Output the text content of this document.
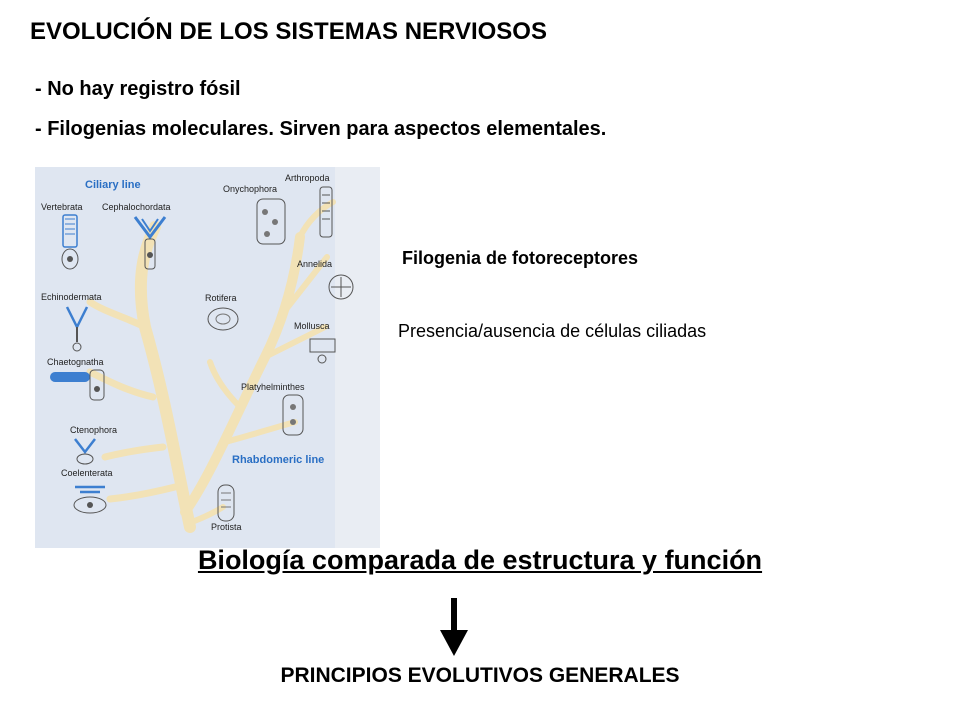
EVOLUCIÓN DE LOS SISTEMAS NERVIOSOS
- No hay registro fósil
- Filogenias moleculares. Sirven para aspectos elementales.
Ciliary line
Rhabdomeric line
Vertebrata Cephalochordata
Echinodermata
Chaetognatha
Ctenophora
Coelenterata
Onychophora
Arthropoda
Annelida
Rotifera
Mollusca
Platyhelminthes
Protista
Filogenia de fotoreceptores
Presencia/ausencia de células ciliadas
Biología comparada de estructura y función
PRINCIPIOS EVOLUTIVOS GENERALES
